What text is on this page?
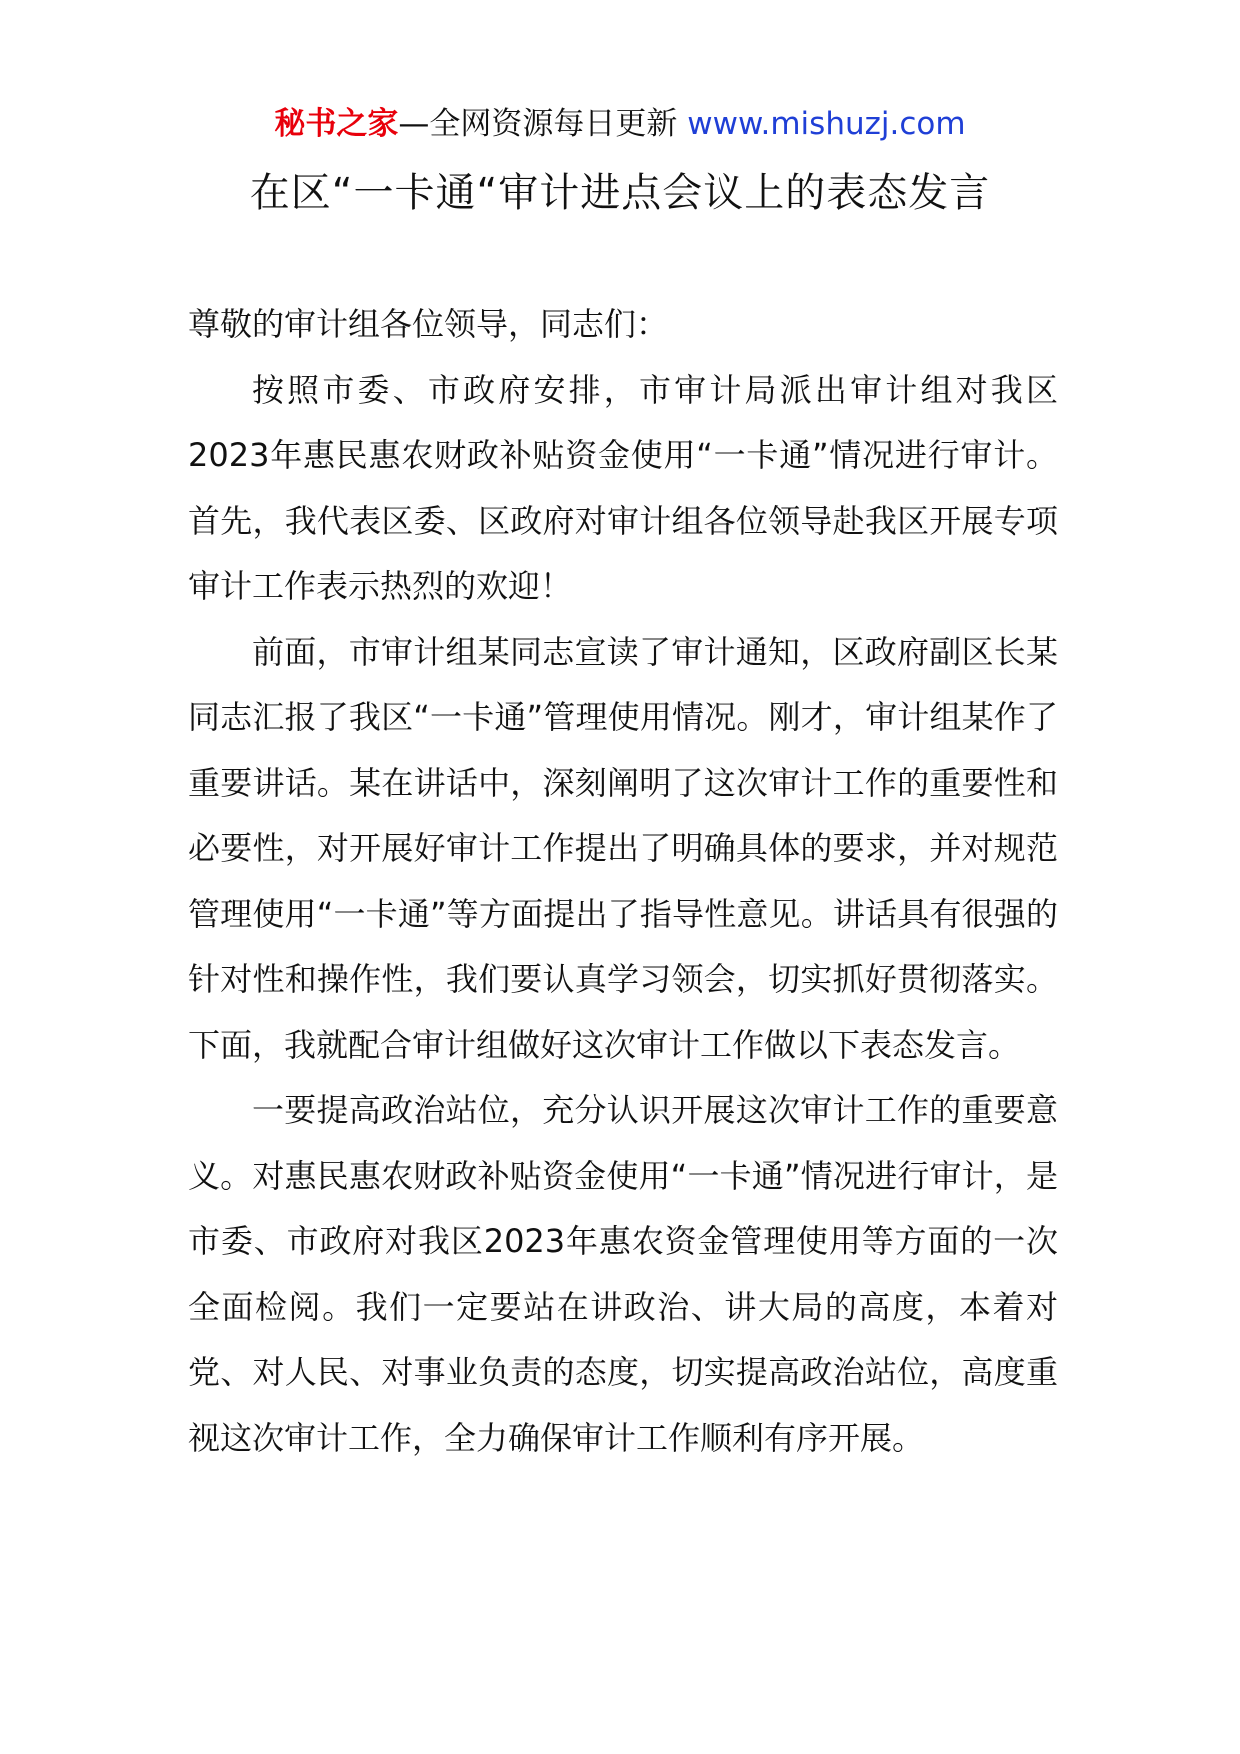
秘书之家—全网资源每日更新 www.mishuzj.com
在区“一卡通“审计进点会议上的表态发言

尊敬的审计组各位领导，同志们：

按照市委、市政府安排，市审计局派出审计组对我区2023年惠民惠农财政补贴资金使用“一卡通”情况进行审计。首先，我代表区委、区政府对审计组各位领导赴我区开展专项审计工作表示热烈的欢迎！

前面，市审计组某同志宣读了审计通知，区政府副区长某同志汇报了我区“一卡通”管理使用情况。刚才，审计组某作了重要讲话。某在讲话中，深刻阐明了这次审计工作的重要性和必要性，对开展好审计工作提出了明确具体的要求，并对规范管理使用“一卡通”等方面提出了指导性意见。讲话具有很强的针对性和操作性，我们要认真学习领会，切实抓好贯彻落实。下面，我就配合审计组做好这次审计工作做以下表态发言。

一要提高政治站位，充分认识开展这次审计工作的重要意义。对惠民惠农财政补贴资金使用“一卡通”情况进行审计，是市委、市政府对我区2023年惠农资金管理使用等方面的一次全面检阅。我们一定要站在讲政治、讲大局的高度，本着对党、对人民、对事业负责的态度，切实提高政治站位，高度重视这次审计工作，全力确保审计工作顺利有序开展。
